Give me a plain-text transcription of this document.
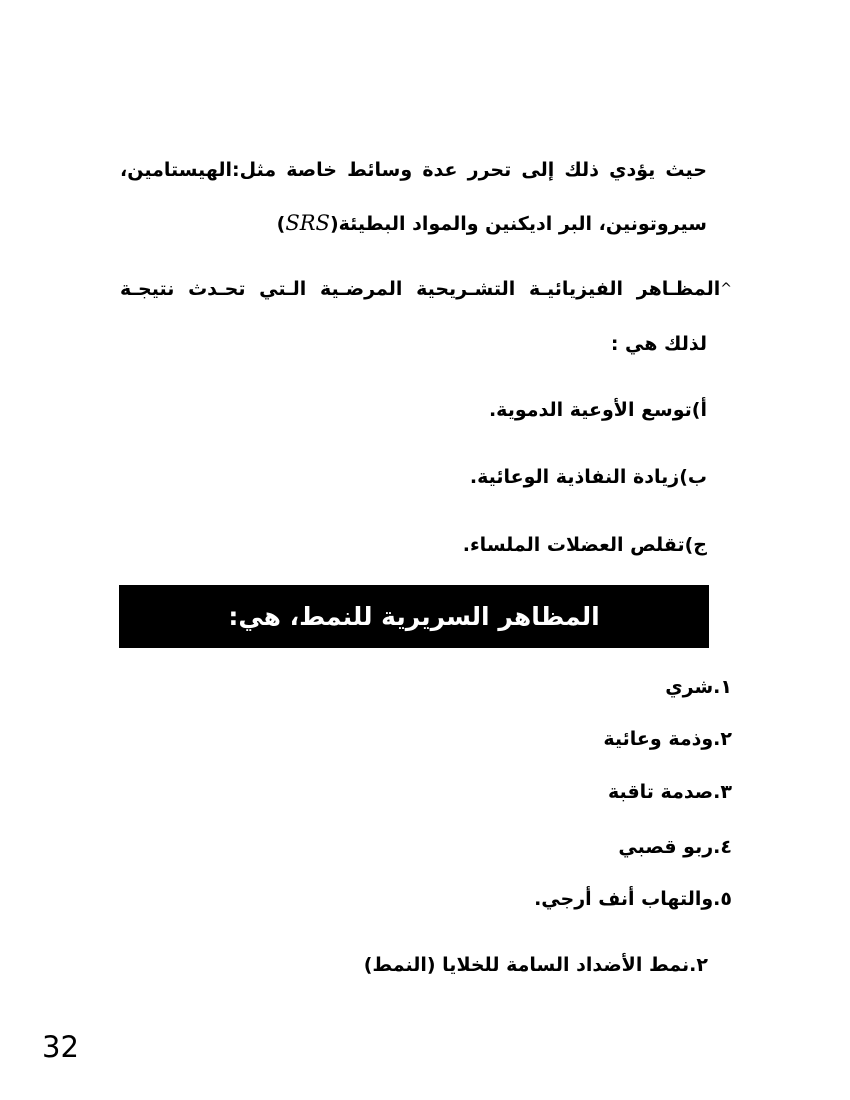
حيث يؤدي ذلك إلى تحرر عدة وسائط خاصة مثل:الهيستامين،
سيروتونين، البر اديكنين والمواد البطيئة(SRS)
^المظـاهر الفيزيائيـة التشـريحية المرضـية الـتي تحـدث نتيجـة
لذلك هي :
أ)توسع الأوعية الدموية.
ب)زيادة النفاذية الوعائية.
ج)تقلص العضلات الملساء.
المظاهر السريرية للنمط، هي:
١.شري
٢.وذمة وعائية
٣.صدمة تاقبة
٤.ربو قصبي
٥.والتهاب أنف أرجي.
٢.نمط الأضداد السامة للخلايا (النمط)
32
